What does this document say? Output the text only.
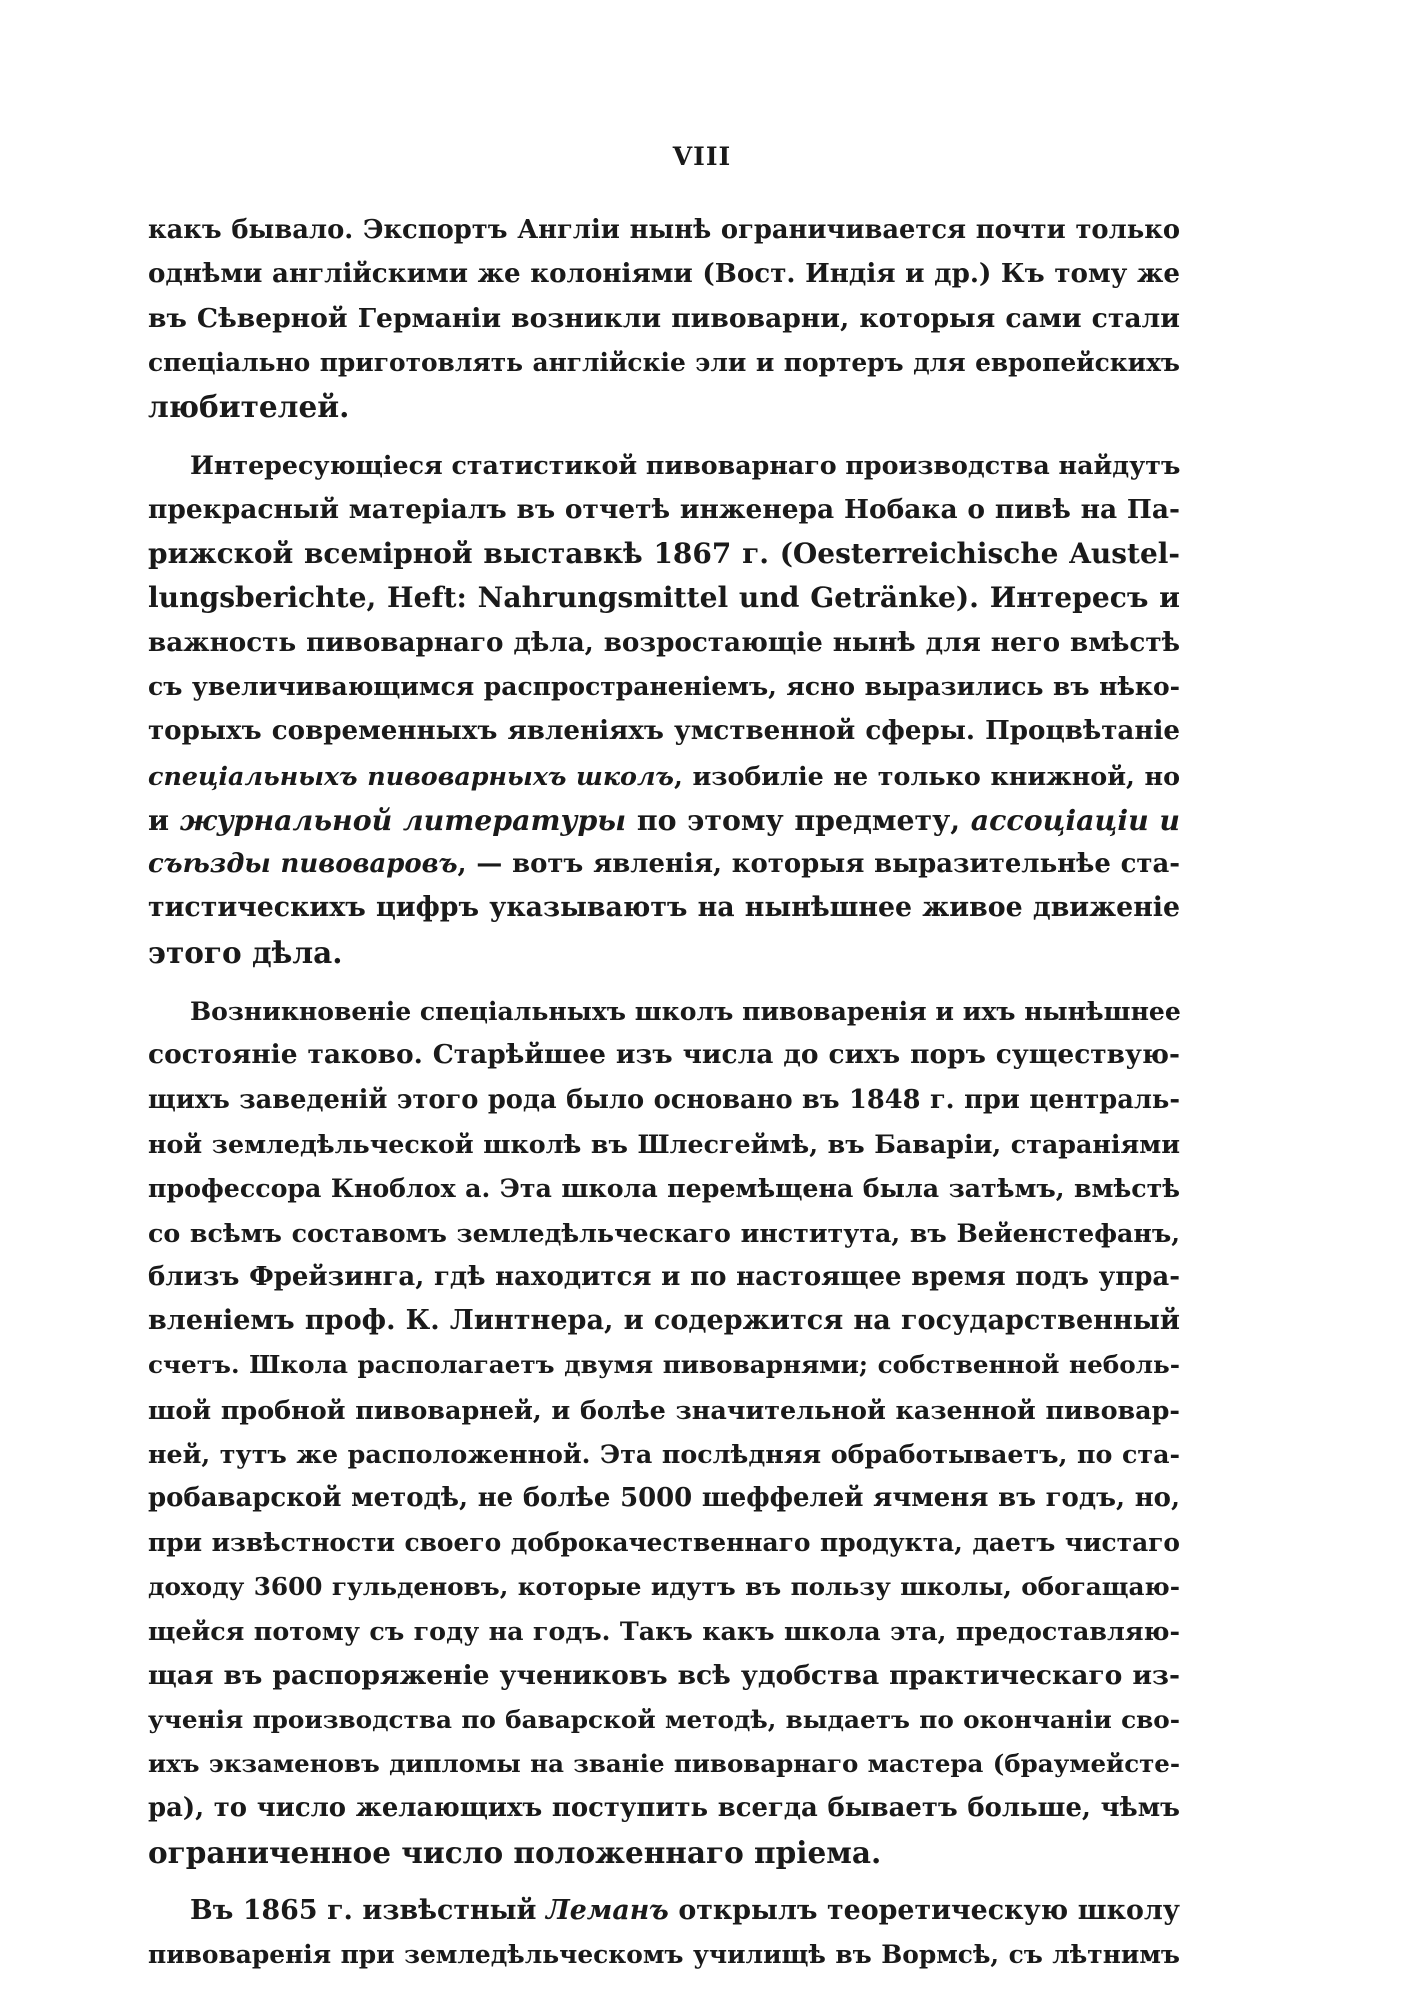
VIII
какъ бывало. Экспортъ Англіи нынѣ ограничивается почти только
однѣми англійскими же колоніями (Вост. Индія и др.) Къ тому же
въ Сѣверной Германіи возникли пивоварни, которыя сами стали
спеціально приготовлять англійскіе эли и портеръ для европейскихъ
любителей.
Интересующіеся статистикой пивоварнаго производства найдутъ
прекрасный матеріалъ въ отчетѣ инженера Нобака о пивѣ на Па-
рижской всемірной выставкѣ 1867 г. (Oesterreichische Austel-
lungsberichte, Heft: Nahrungsmittel und Getränke). Интересъ и
важность пивоварнаго дѣла, возростающіе нынѣ для него вмѣстѣ
съ увеличивающимся распространеніемъ, ясно выразились въ нѣко-
торыхъ современныхъ явленіяхъ умственной сферы. Процвѣтаніе
спеціальныхъ пивоварныхъ школъ, изобиліе не только книжной, но
и журнальной литературы по этому предмету, ассоціаціи и
съѣзды пивоваровъ, — вотъ явленія, которыя выразительнѣе ста-
тистическихъ цифръ указываютъ на нынѣшнее живое движеніе
этого дѣла.
Возникновеніе спеціальныхъ школъ пивоваренія и ихъ нынѣшнее
состояніе таково. Старѣйшее изъ числа до сихъ поръ существую-
щихъ заведеній этого рода было основано въ 1848 г. при централь-
ной земледѣльческой школѣ въ Шлесгеймѣ, въ Баваріи, стараніями
профессора Кноблох а. Эта школа перемѣщена была затѣмъ, вмѣстѣ
со всѣмъ составомъ земледѣльческаго института, въ Вейенстефанъ,
близъ Фрейзинга, гдѣ находится и по настоящее время подъ упра-
вленіемъ проф. К. Линтнера, и содержится на государственный
счетъ. Школа располагаетъ двумя пивоварнями; собственной неболь-
шой пробной пивоварней, и болѣе значительной казенной пивовар-
ней, тутъ же расположенной. Эта послѣдняя обработываетъ, по ста-
робаварской методѣ, не болѣе 5000 шеффелей ячменя въ годъ, но,
при извѣстности своего доброкачественнаго продукта, даетъ чистаго
доходу 3600 гульденовъ, которые идутъ въ пользу школы, обогащаю-
щейся потому съ году на годъ. Такъ какъ школа эта, предоставляю-
щая въ распоряженіе учениковъ всѣ удобства практическаго из-
ученія производства по баварской методѣ, выдаетъ по окончаніи сво-
ихъ экзаменовъ дипломы на званіе пивоварнаго мастера (браумейсте-
ра), то число желающихъ поступить всегда бываетъ больше, чѣмъ
ограниченное число положеннаго пріема.
Въ 1865 г. извѣстный Леманъ открылъ теоретическую школу
пивоваренія при земледѣльческомъ училищѣ въ Вормсѣ, съ лѣтнимъ
